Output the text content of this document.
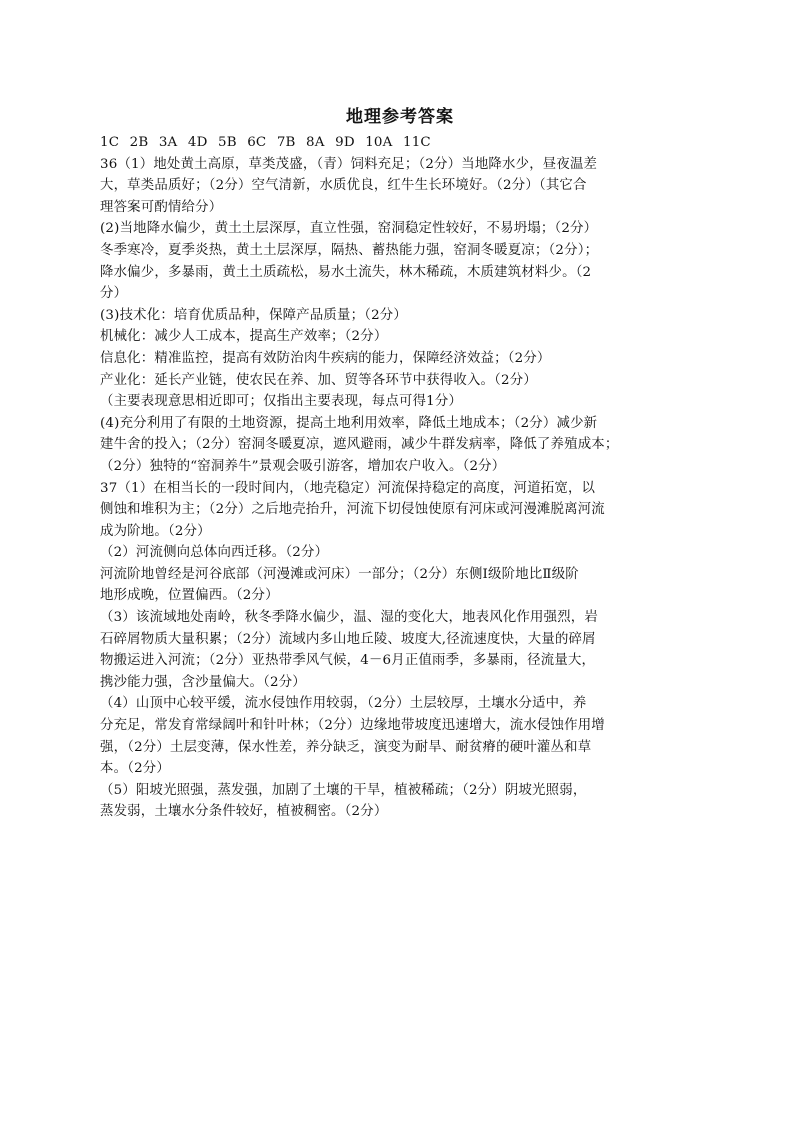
地理参考答案
1C 2B 3A 4D 5B 6C 7B 8A 9D 10A 11C
36（1）地处黄土高原，草类茂盛，（青）饲料充足；（2分）当地降水少，昼夜温差
大，草类品质好；（2分）空气清新，水质优良，红牛生长环境好。（2分）（其它合
理答案可酌情给分）
(2)当地降水偏少，黄土土层深厚，直立性强，窑洞稳定性较好，不易坍塌；（2分）
冬季寒冷，夏季炎热，黄土土层深厚，隔热、蓄热能力强，窑洞冬暖夏凉；（2分）；
降水偏少，多暴雨，黄土土质疏松，易水土流失，林木稀疏，木质建筑材料少。（2
分）
(3)技术化：培育优质品种，保障产品质量；（2分）
机械化：减少人工成本，提高生产效率；（2分）
信息化：精准监控，提高有效防治肉牛疾病的能力，保障经济效益；（2分）
产业化：延长产业链，使农民在养、加、贸等各环节中获得收入。（2分）
（主要表现意思相近即可；仅指出主要表现，每点可得1分）
(4)充分利用了有限的土地资源，提高土地利用效率，降低土地成本；（2分）减少新
建牛舍的投入；（2分）窑洞冬暖夏凉，遮风避雨，减少牛群发病率，降低了养殖成本；
（2分）独特的“窑洞养牛”景观会吸引游客，增加农户收入。（2分）
37（1）在相当长的一段时间内，（地壳稳定）河流保持稳定的高度，河道拓宽，以
侧蚀和堆积为主；（2分）之后地壳抬升，河流下切侵蚀使原有河床或河漫滩脱离河流
成为阶地。（2分）
（2）河流侧向总体向西迁移。（2分）
河流阶地曾经是河谷底部（河漫滩或河床）一部分；（2分）东侧Ⅰ级阶地比Ⅱ级阶
地形成晚，位置偏西。（2分）
（3）该流域地处南岭，秋冬季降水偏少，温、湿的变化大，地表风化作用强烈，岩
石碎屑物质大量积累；（2分）流域内多山地丘陵、坡度大,径流速度快，大量的碎屑
物搬运进入河流；（2分）亚热带季风气候，4－6月正值雨季，多暴雨，径流量大，
携沙能力强，含沙量偏大。（2分）
（4）山顶中心较平缓，流水侵蚀作用较弱，（2分）土层较厚，土壤水分适中，养
分充足，常发育常绿阔叶和针叶林；（2分）边缘地带坡度迅速增大，流水侵蚀作用增
强，（2分）土层变薄，保水性差，养分缺乏，演变为耐旱、耐贫瘠的硬叶灌丛和草
本。（2分）
（5）阳坡光照强，蒸发强，加剧了土壤的干旱，植被稀疏；（2分）阴坡光照弱，
蒸发弱，土壤水分条件较好，植被稠密。（2分）
